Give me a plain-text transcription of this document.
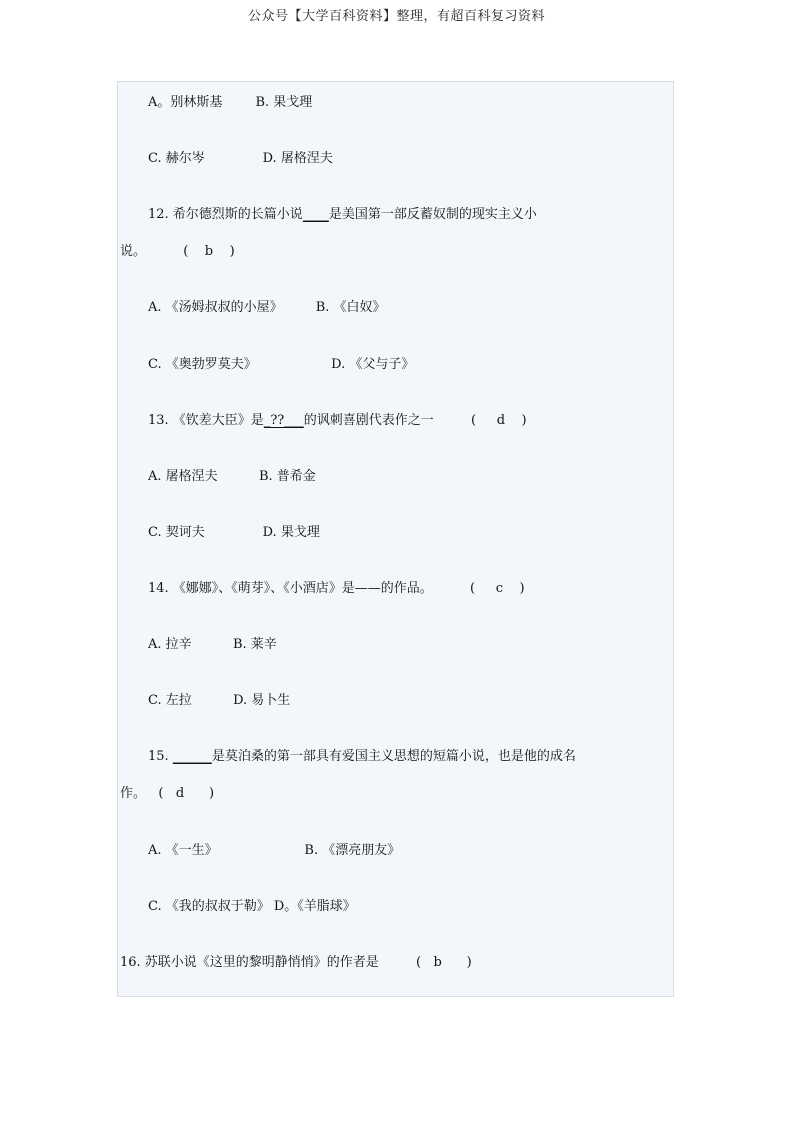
公众号【大学百科资料】整理，有超百科复习资料
A。别林斯基        B. 果戈理
C. 赫尔岑              D. 屠格涅夫
12. 希尔德烈斯的长篇小说____是美国第一部反蓄奴制的现实主义小
说。         (    b    )
A. 《汤姆叔叔的小屋》        B. 《白奴》
C. 《奥勃罗莫夫》                  D. 《父与子》
13. 《钦差大臣》是_??___的讽刺喜剧代表作之一         (     d    )
A. 屠格涅夫          B. 普希金
C. 契诃夫              D. 果戈理
14. 《娜娜》、《萌芽》、《小酒店》是——的作品。         (     c    )
A. 拉辛          B. 莱辛
C. 左拉          D. 易卜生
15. ______是莫泊桑的第一部具有爱国主义思想的短篇小说，也是他的成名
作。   (   d      )
A. 《一生》                     B. 《漂亮朋友》
C. 《我的叔叔于勒》 D。《羊脂球》
16. 苏联小说《这里的黎明静悄悄》的作者是         (   b      )
